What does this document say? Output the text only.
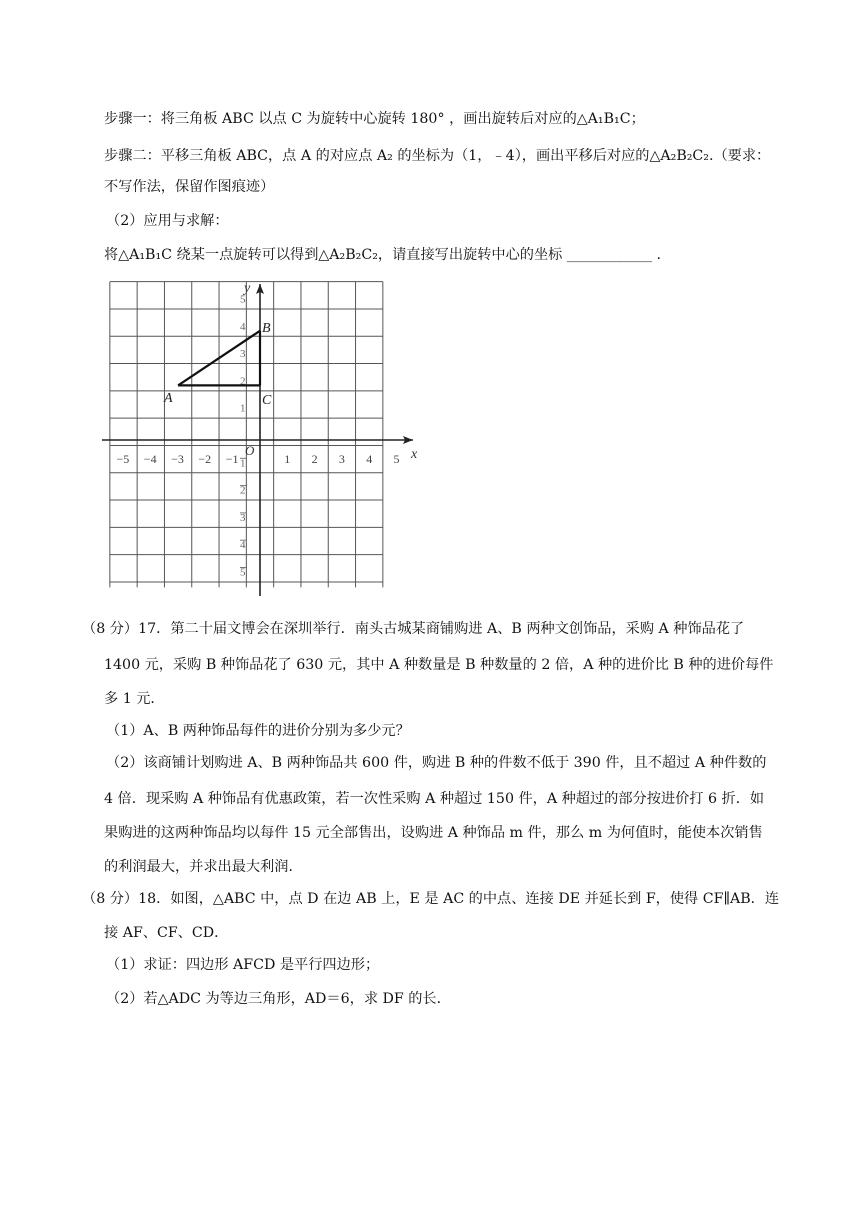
步骤一：将三角板 ABC 以点 C 为旋转中心旋转 180° ，画出旋转后对应的△A₁B₁C；
步骤二：平移三角板 ABC，点 A 的对应点 A₂ 的坐标为（1，﹣4），画出平移后对应的△A₂B₂C₂.（要求：
不写作法，保留作图痕迹）
（2）应用与求解：
将△A₁B₁C 绕某一点旋转可以得到△A₂B₂C₂，请直接写出旋转中心的坐标 ____________ .
−5 −4 −3 −2 −1	1 2 3 4 5
5
4
3
2
1
1
2
3
4
5
O	x
y
A
B
C
（8 分）17．第二十届文博会在深圳举行．南头古城某商铺购进 A、B 两种文创饰品，采购 A 种饰品花了
1400 元，采购 B 种饰品花了 630 元，其中 A 种数量是 B 种数量的 2 倍，A 种的进价比 B 种的进价每件
多 1 元．
（1）A、B 两种饰品每件的进价分别为多少元？
（2）该商铺计划购进 A、B 两种饰品共 600 件，购进 B 种的件数不低于 390 件，且不超过 A 种件数的
4 倍．现采购 A 种饰品有优惠政策，若一次性采购 A 种超过 150 件，A 种超过的部分按进价打 6 折．如
果购进的这两种饰品均以每件 15 元全部售出，设购进 A 种饰品 m 件，那么 m 为何值时，能使本次销售
的利润最大，并求出最大利润．
（8 分）18．如图，△ABC 中，点 D 在边 AB 上，E 是 AC 的中点、连接 DE 并延长到 F，使得 CF∥AB．连
接 AF、CF、CD．
（1）求证：四边形 AFCD 是平行四边形；
（2）若△ADC 为等边三角形，AD＝6，求 DF 的长．
